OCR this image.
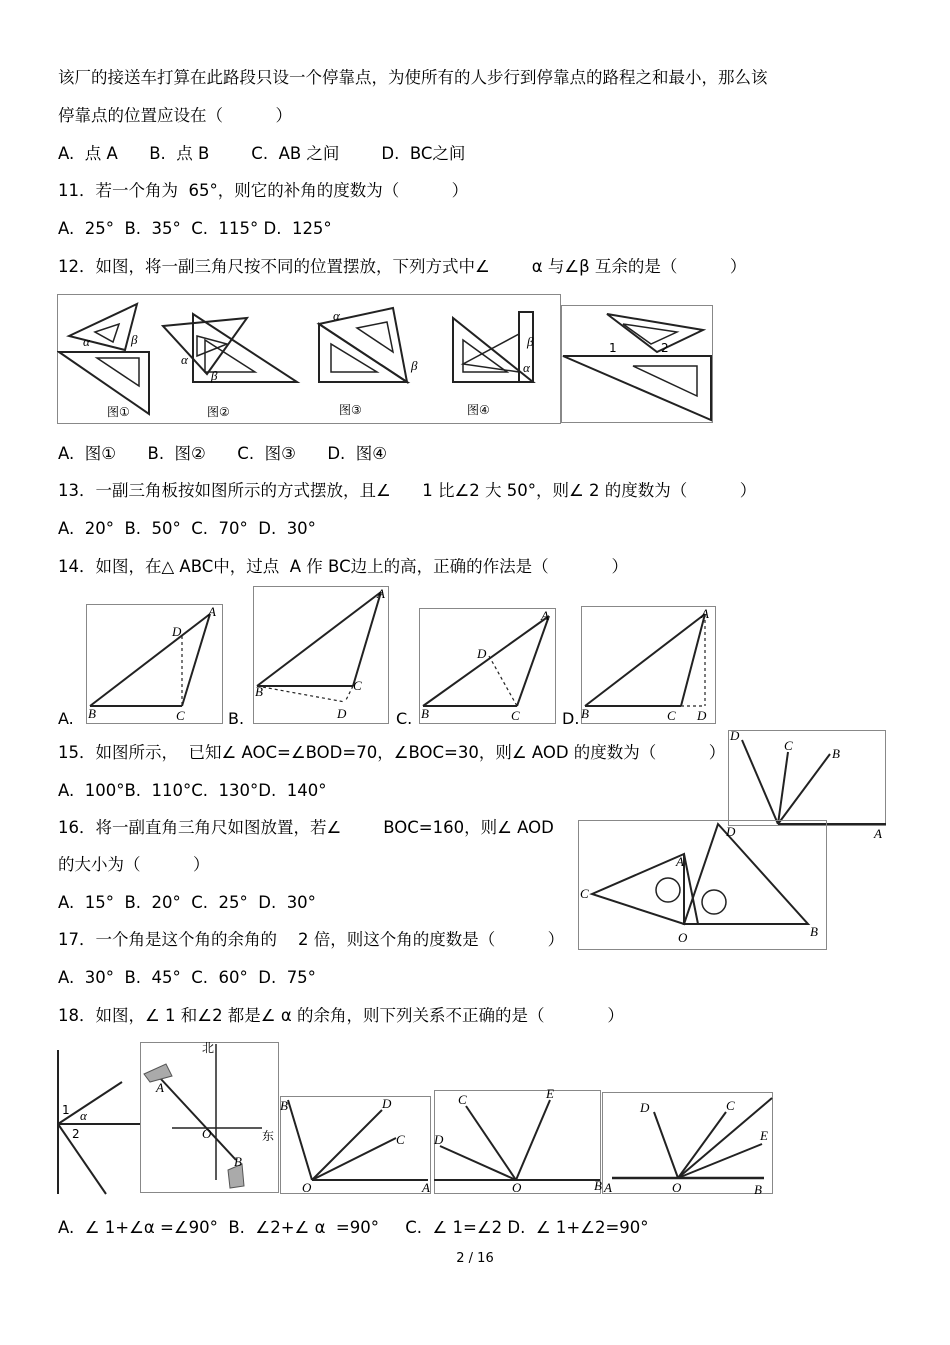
该厂的接送车打算在此路段只设一个停靠点，为使所有的人步行到停靠点的路程之和最小，那么该
停靠点的位置应设在（          ）
A.  点 A      B.  点 B        C.  AB 之间        D.  BC之间
11．若一个角为  65°，则它的补角的度数为（          ）
A.  25°  B.  35°  C.  115° D.  125°
12．如图，将一副三角尺按不同的位置摆放，下列方式中∠        α 与∠β 互余的是（          ）
α	β
图①
α
β
图②
α
β
图③
β
α
图④
1	2
A.  图①      B.  图②      C.  图③      D.  图④
13．一副三角板按如图所示的方式摆放，且∠      1 比∠2 大 50°，则∠ 2 的度数为（          ）
A.  20°  B.  50°  C.  70°  D.  30°
14．如图，在△ ABC中，过点  A 作 BC边上的高，正确的作法是（            ）
A.
A
B	C
D
B.
A
B	C
D	C.
A
B	C
D
D.
A
B	C D
15．如图所示，  已知∠ AOC=∠BOD=70，∠BOC=30，则∠ AOD 的度数为（          ）
A.  100°B.  110°C.  130°D.  140°
D
C
B
A
16．将一副直角三角尺如图放置，若∠        BOC=160，则∠ AOD
的大小为（          ）
A.  15°  B.  20°  C.  25°  D.  30°
D
A
C
O	B
17．一个角是这个角的余角的    2 倍，则这个角的度数是（          ）
A.  30°  B.  45°  C.  60°  D.  75°
18．如图，∠ 1 和∠2 都是∠ α 的余角，则下列关系不正确的是（            ）
1
2
α
北
东
A
O
B
B	D
C
O	A
C	E
D
O	B
D	C
E
A	O	B
A.  ∠ 1+∠α =∠90°  B.  ∠2+∠ α  =90°     C.  ∠ 1=∠2 D.  ∠ 1+∠2=90°
2 / 16
